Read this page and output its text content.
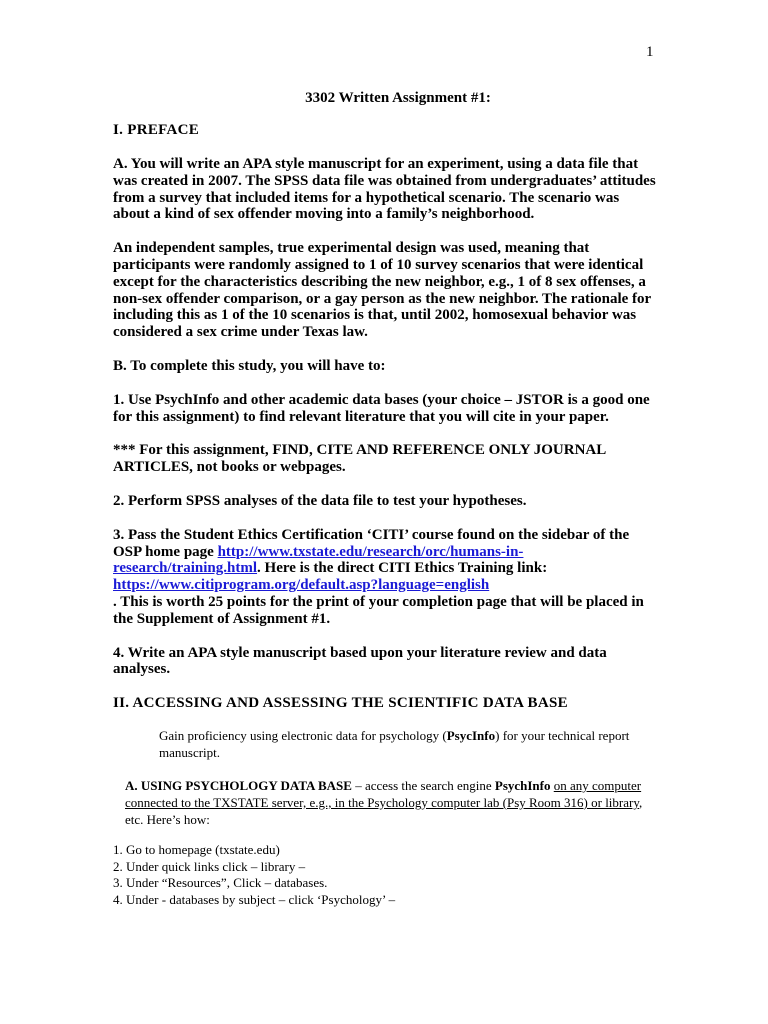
1

3302 Written Assignment #1:

I. PREFACE

A. You will write an APA style manuscript for an experiment, using a data file that was created in 2007. The SPSS data file was obtained from undergraduates’ attitudes from a survey that included items for a hypothetical scenario. The scenario was about a kind of sex offender moving into a family’s neighborhood.

An independent samples, true experimental design was used, meaning that participants were randomly assigned to 1 of 10 survey scenarios that were identical except for the characteristics describing the new neighbor, e.g., 1 of 8 sex offenses, a non-sex offender comparison, or a gay person as the new neighbor. The rationale for including this as 1 of the 10 scenarios is that, until 2002, homosexual behavior was considered a sex crime under Texas law.

B. To complete this study, you will have to:

1. Use PsychInfo and other academic data bases (your choice – JSTOR is a good one for this assignment) to find relevant literature that you will cite in your paper.

*** For this assignment, FIND, CITE AND REFERENCE ONLY JOURNAL ARTICLES, not books or webpages.

2. Perform SPSS analyses of the data file to test your hypotheses.

3. Pass the Student Ethics Certification ‘CITI’ course found on the sidebar of the OSP home page http://www.txstate.edu/research/orc/humans-in-research/training.html. Here is the direct CITI Ethics Training link:
https://www.citiprogram.org/default.asp?language=english
. This is worth 25 points for the print of your completion page that will be placed in the Supplement of Assignment #1.

4. Write an APA style manuscript based upon your literature review and data analyses.

II. ACCESSING AND ASSESSING THE SCIENTIFIC DATA BASE

Gain proficiency using electronic data for psychology (PsycInfo) for your technical report manuscript.

A. USING PSYCHOLOGY DATA BASE – access the search engine PsychInfo on any computer connected to the TXSTATE server, e.g., in the Psychology computer lab (Psy Room 316) or library, etc. Here’s how:

1. Go to homepage (txstate.edu)
2. Under quick links click – library –
3. Under “Resources”, Click – databases.
4. Under - databases by subject – click ‘Psychology’ –
